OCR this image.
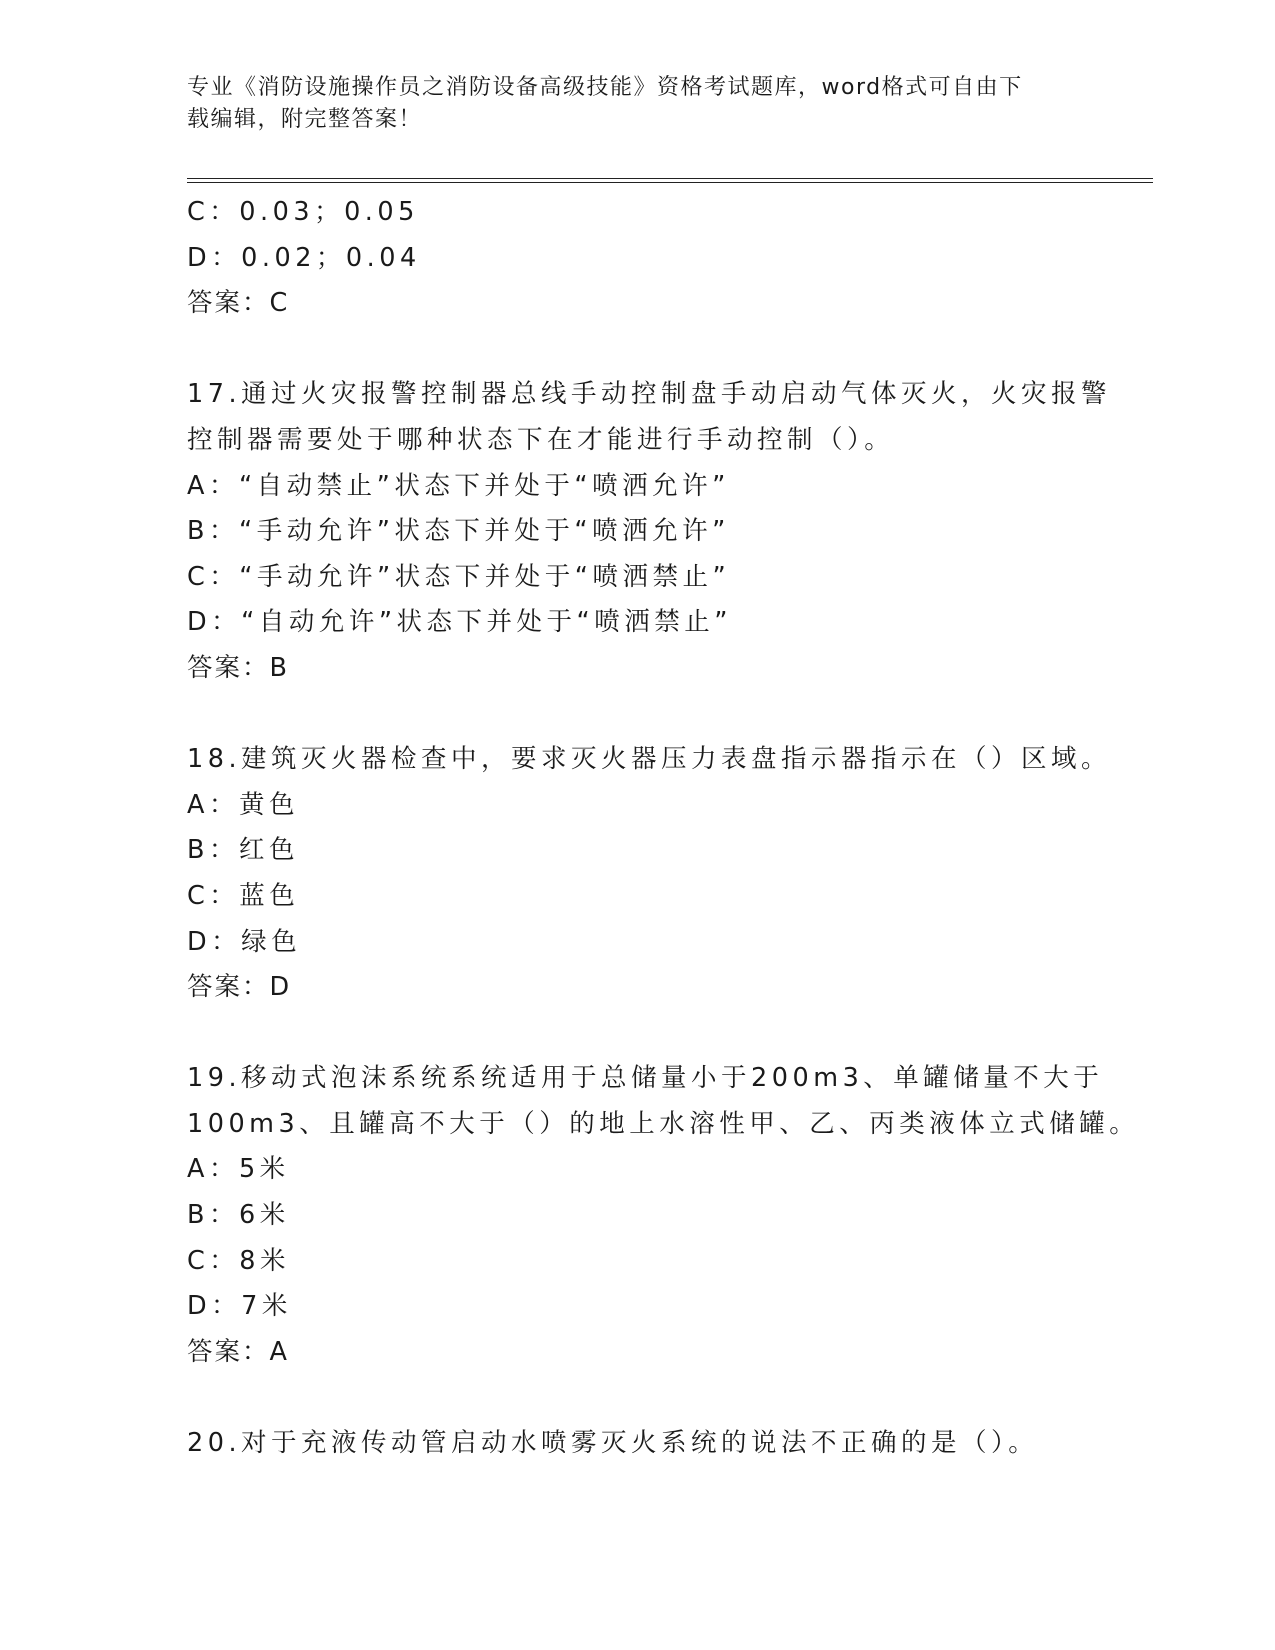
专业《消防设施操作员之消防设备高级技能》资格考试题库，word格式可自由下
载编辑，附完整答案！
C：0.03；0.05
D：0.02；0.04
答案：C
17.通过火灾报警控制器总线手动控制盘手动启动气体灭火，火灾报警
控制器需要处于哪种状态下在才能进行手动控制（）。
A：“自动禁止”状态下并处于“喷洒允许”
B：“手动允许”状态下并处于“喷洒允许”
C：“手动允许”状态下并处于“喷洒禁止”
D：“自动允许”状态下并处于“喷洒禁止”
答案：B
18.建筑灭火器检查中，要求灭火器压力表盘指示器指示在（）区域。
A：黄色
B：红色
C：蓝色
D：绿色
答案：D
19.移动式泡沫系统系统适用于总储量小于200m3、单罐储量不大于
100m3、且罐高不大于（）的地上水溶性甲、乙、丙类液体立式储罐。
A：5米
B：6米
C：8米
D：7米
答案：A
20.对于充液传动管启动水喷雾灭火系统的说法不正确的是（）。
